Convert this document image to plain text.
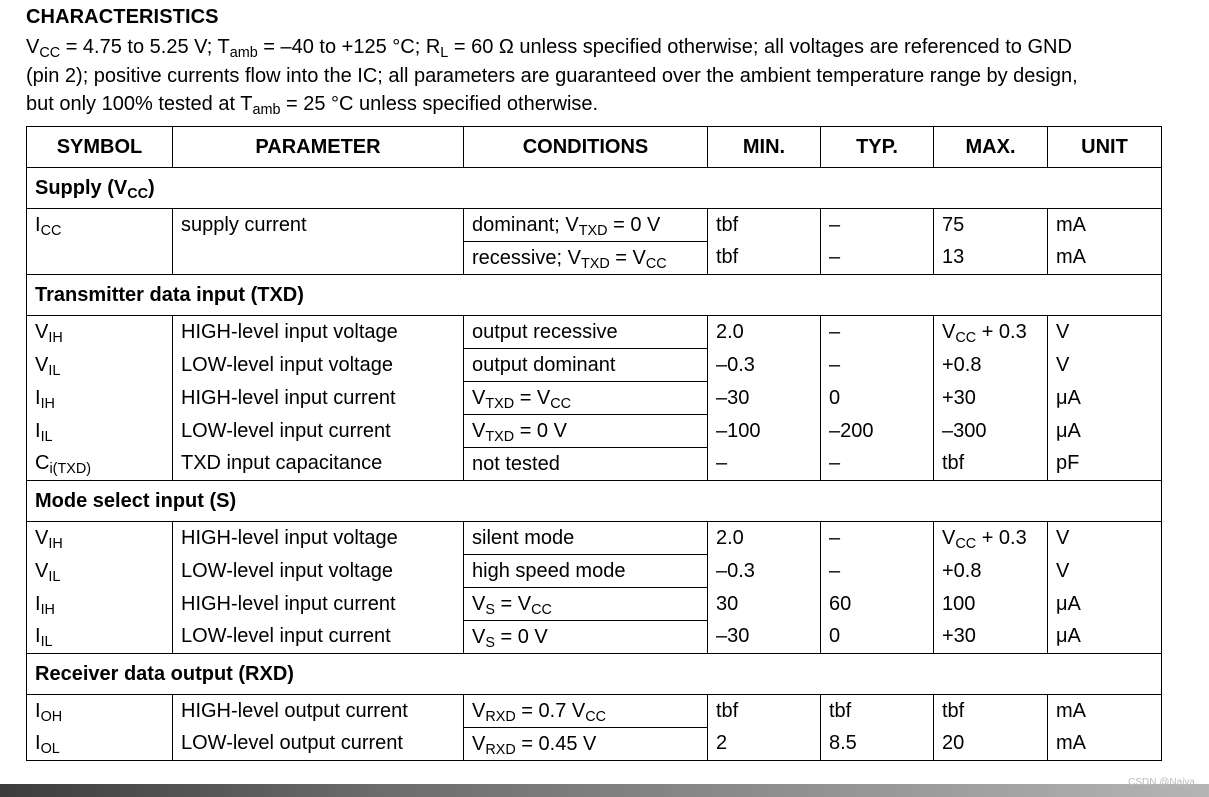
CHARACTERISTICS
$V_{CC} = 4.75$ to 5.25 V; $T_{amb} = -40$ to +125 °C; $R_L = 60$ Ω unless specified otherwise; all voltages are referenced to GND
(pin 2); positive currents flow into the IC; all parameters are guaranteed over the ambient temperature range by design,
but only 100% tested at $T_{amb} = 25$ °C unless specified otherwise.
SYMBOL	PARAMETER	CONDITIONS	MIN.	TYP.	MAX.	UNIT
Supply $(V_{CC})$						
$I_{CC}$	supply current	dominant; $V_{TXD} = 0$ V	tbf	–	75	mA
		recessive; $V_{TXD} = V_{CC}$	tbf	–	13	mA
Transmitter data input (TXD)						
$V_{IH}$	HIGH-level input voltage	output recessive	2.0	–	$V_{CC} + 0.3$	V
$V_{IL}$	LOW-level input voltage	output dominant	–0.3	–	+0.8	V
$I_{IH}$	HIGH-level input current	$V_{TXD} = V_{CC}$	–30	0	+30	μA
$I_{IL}$	LOW-level input current	$V_{TXD} = 0$ V	–100	–200	–300	μA
$C_{i(TXD)}$	TXD input capacitance	not tested	–	–	tbf	pF
Mode select input (S)						
$V_{IH}$	HIGH-level input voltage	silent mode	2.0	–	$V_{CC} + 0.3$	V
$V_{IL}$	LOW-level input voltage	high speed mode	–0.3	–	+0.8	V
$I_{IH}$	HIGH-level input current	$V_S = V_{CC}$	30	60	100	μA
$I_{IL}$	LOW-level input current	$V_S = 0$ V	–30	0	+30	μA
Receiver data output (RXD)						
$I_{OH}$	HIGH-level output current	$V_{RXD} = 0.7$ $V_{CC}$	tbf	tbf	tbf	mA
$I_{OL}$	LOW-level output current	$V_{RXD} = 0.45$ V	2	8.5	20	mA
CSDN @Naiya
